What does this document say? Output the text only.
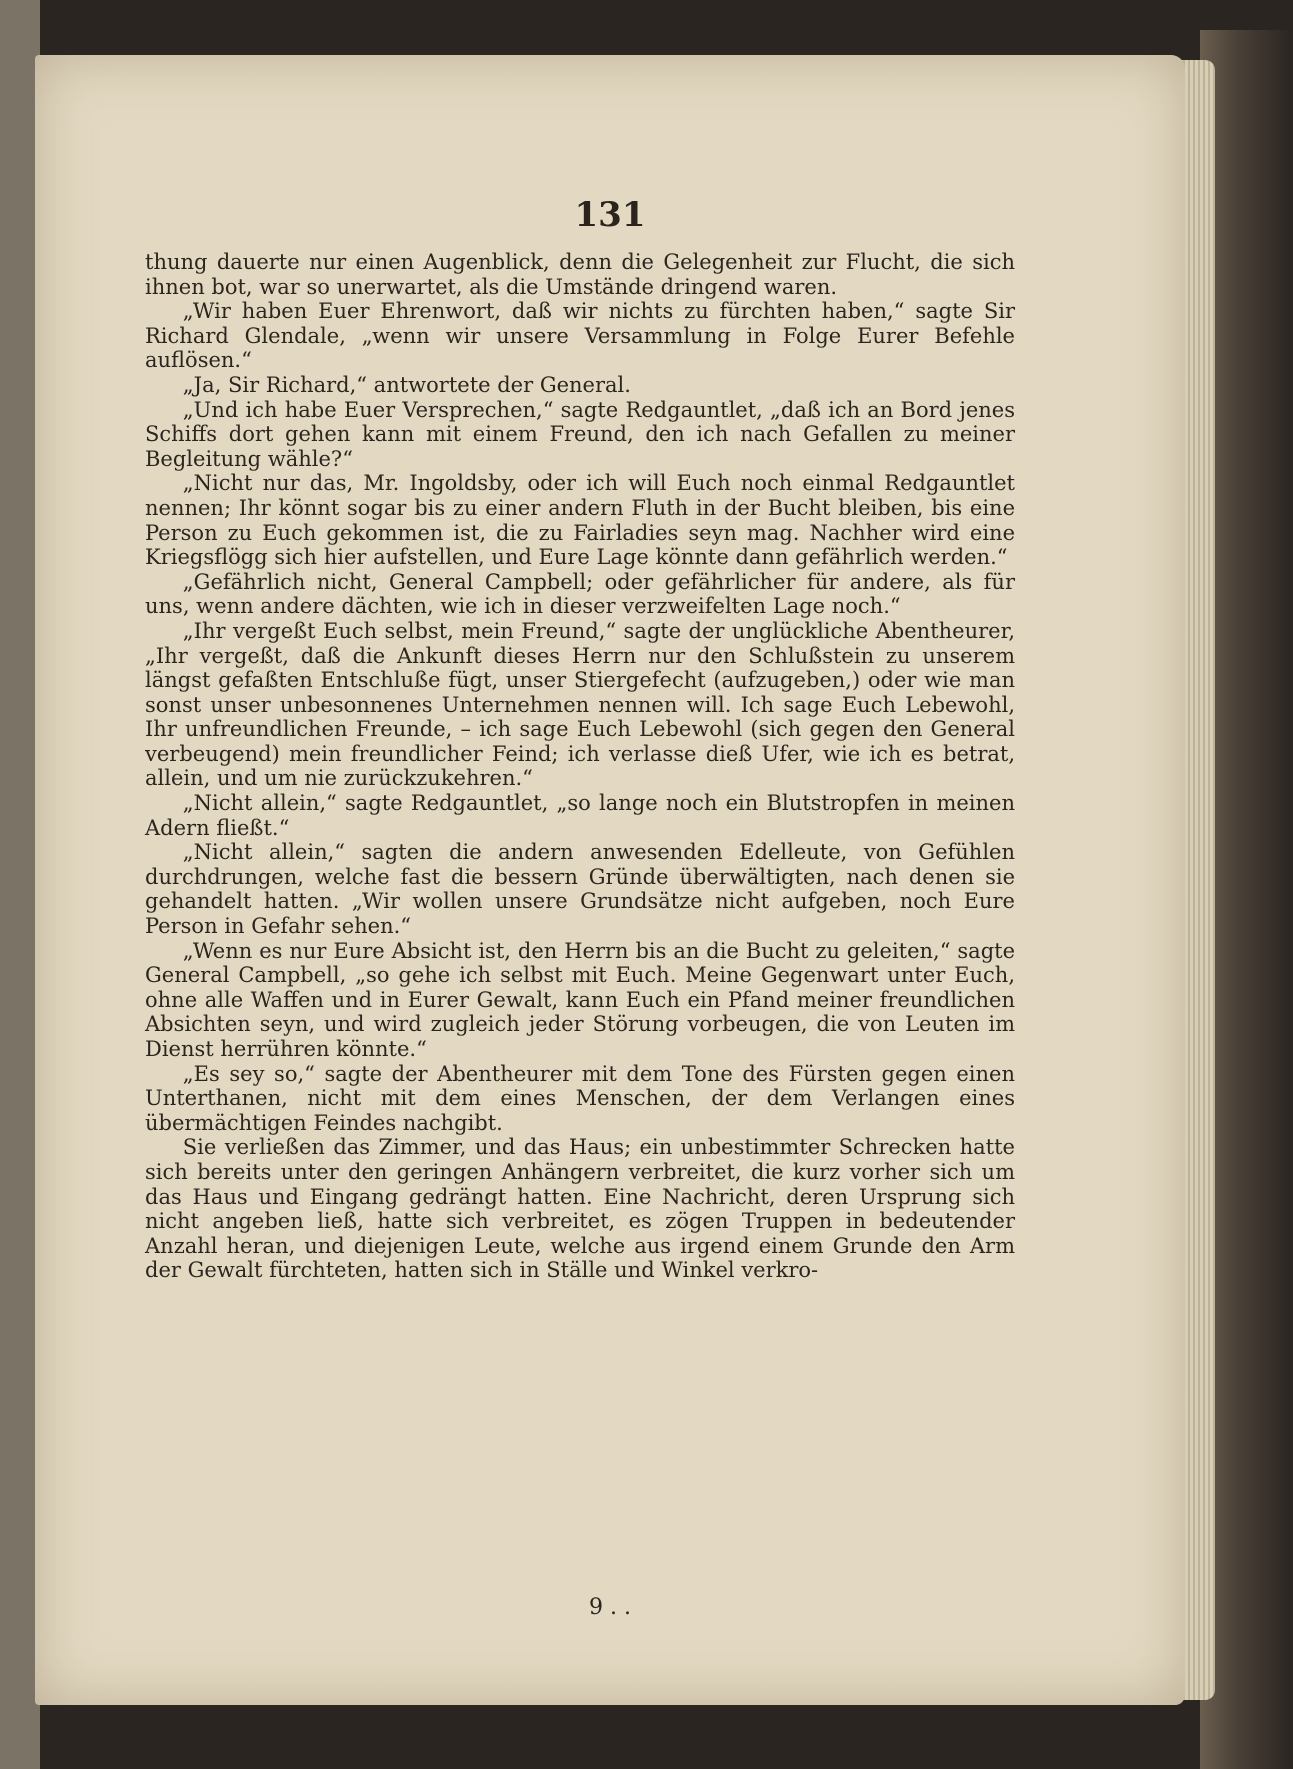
131

thung dauerte nur einen Augenblick, denn die Gelegenheit zur Flucht, die sich ihnen bot, war so unerwartet, als die Umstände dringend waren.

„Wir haben Euer Ehrenwort, daß wir nichts zu fürchten haben,“ sagte Sir Richard Glendale, „wenn wir unsere Versammlung in Folge Eurer Befehle auflösen.“

„Ja, Sir Richard,“ antwortete der General.

„Und ich habe Euer Versprechen,“ sagte Redgauntlet, „daß ich an Bord jenes Schiffs dort gehen kann mit einem Freund, den ich nach Gefallen zu meiner Begleitung wähle?“

„Nicht nur das, Mr. Ingoldsby, oder ich will Euch noch einmal Redgauntlet nennen; Ihr könnt sogar bis zu einer andern Fluth in der Bucht bleiben, bis eine Person zu Euch gekommen ist, die zu Fairladies seyn mag. Nachher wird eine Kriegsflögg sich hier aufstellen, und Eure Lage könnte dann gefährlich werden.“

„Gefährlich nicht, General Campbell; oder gefährlicher für andere, als für uns, wenn andere dächten, wie ich in dieser verzweifelten Lage noch.“

„Ihr vergeßt Euch selbst, mein Freund,“ sagte der unglückliche Abentheurer, „Ihr vergeßt, daß die Ankunft dieses Herrn nur den Schlußstein zu unserem längst gefaßten Entschluße fügt, unser Stiergefecht (aufzugeben,) oder wie man sonst unser unbesonnenes Unternehmen nennen will. Ich sage Euch Lebewohl, Ihr unfreundlichen Freunde, – ich sage Euch Lebewohl (sich gegen den General verbeugend) mein freundlicher Feind; ich verlasse dieß Ufer, wie ich es betrat, allein, und um nie zurückzukehren.“

„Nicht allein,“ sagte Redgauntlet, „so lange noch ein Blutstropfen in meinen Adern fließt.“

„Nicht allein,“ sagten die andern anwesenden Edelleute, von Gefühlen durchdrungen, welche fast die bessern Gründe überwältigten, nach denen sie gehandelt hatten. „Wir wollen unsere Grundsätze nicht aufgeben, noch Eure Person in Gefahr sehen.“

„Wenn es nur Eure Absicht ist, den Herrn bis an die Bucht zu geleiten,“ sagte General Campbell, „so gehe ich selbst mit Euch. Meine Gegenwart unter Euch, ohne alle Waffen und in Eurer Gewalt, kann Euch ein Pfand meiner freundlichen Absichten seyn, und wird zugleich jeder Störung vorbeugen, die von Leuten im Dienst herrühren könnte.“

„Es sey so,“ sagte der Abentheurer mit dem Tone des Fürsten gegen einen Unterthanen, nicht mit dem eines Menschen, der dem Verlangen eines übermächtigen Feindes nachgibt.

Sie verließen das Zimmer, und das Haus; ein unbestimmter Schrecken hatte sich bereits unter den geringen Anhängern verbreitet, die kurz vorher sich um das Haus und Eingang gedrängt hatten. Eine Nachricht, deren Ursprung sich nicht angeben ließ, hatte sich verbreitet, es zögen Truppen in bedeutender Anzahl heran, und diejenigen Leute, welche aus irgend einem Grunde den Arm der Gewalt fürchteten, hatten sich in Ställe und Winkel verkro-

9 . .
